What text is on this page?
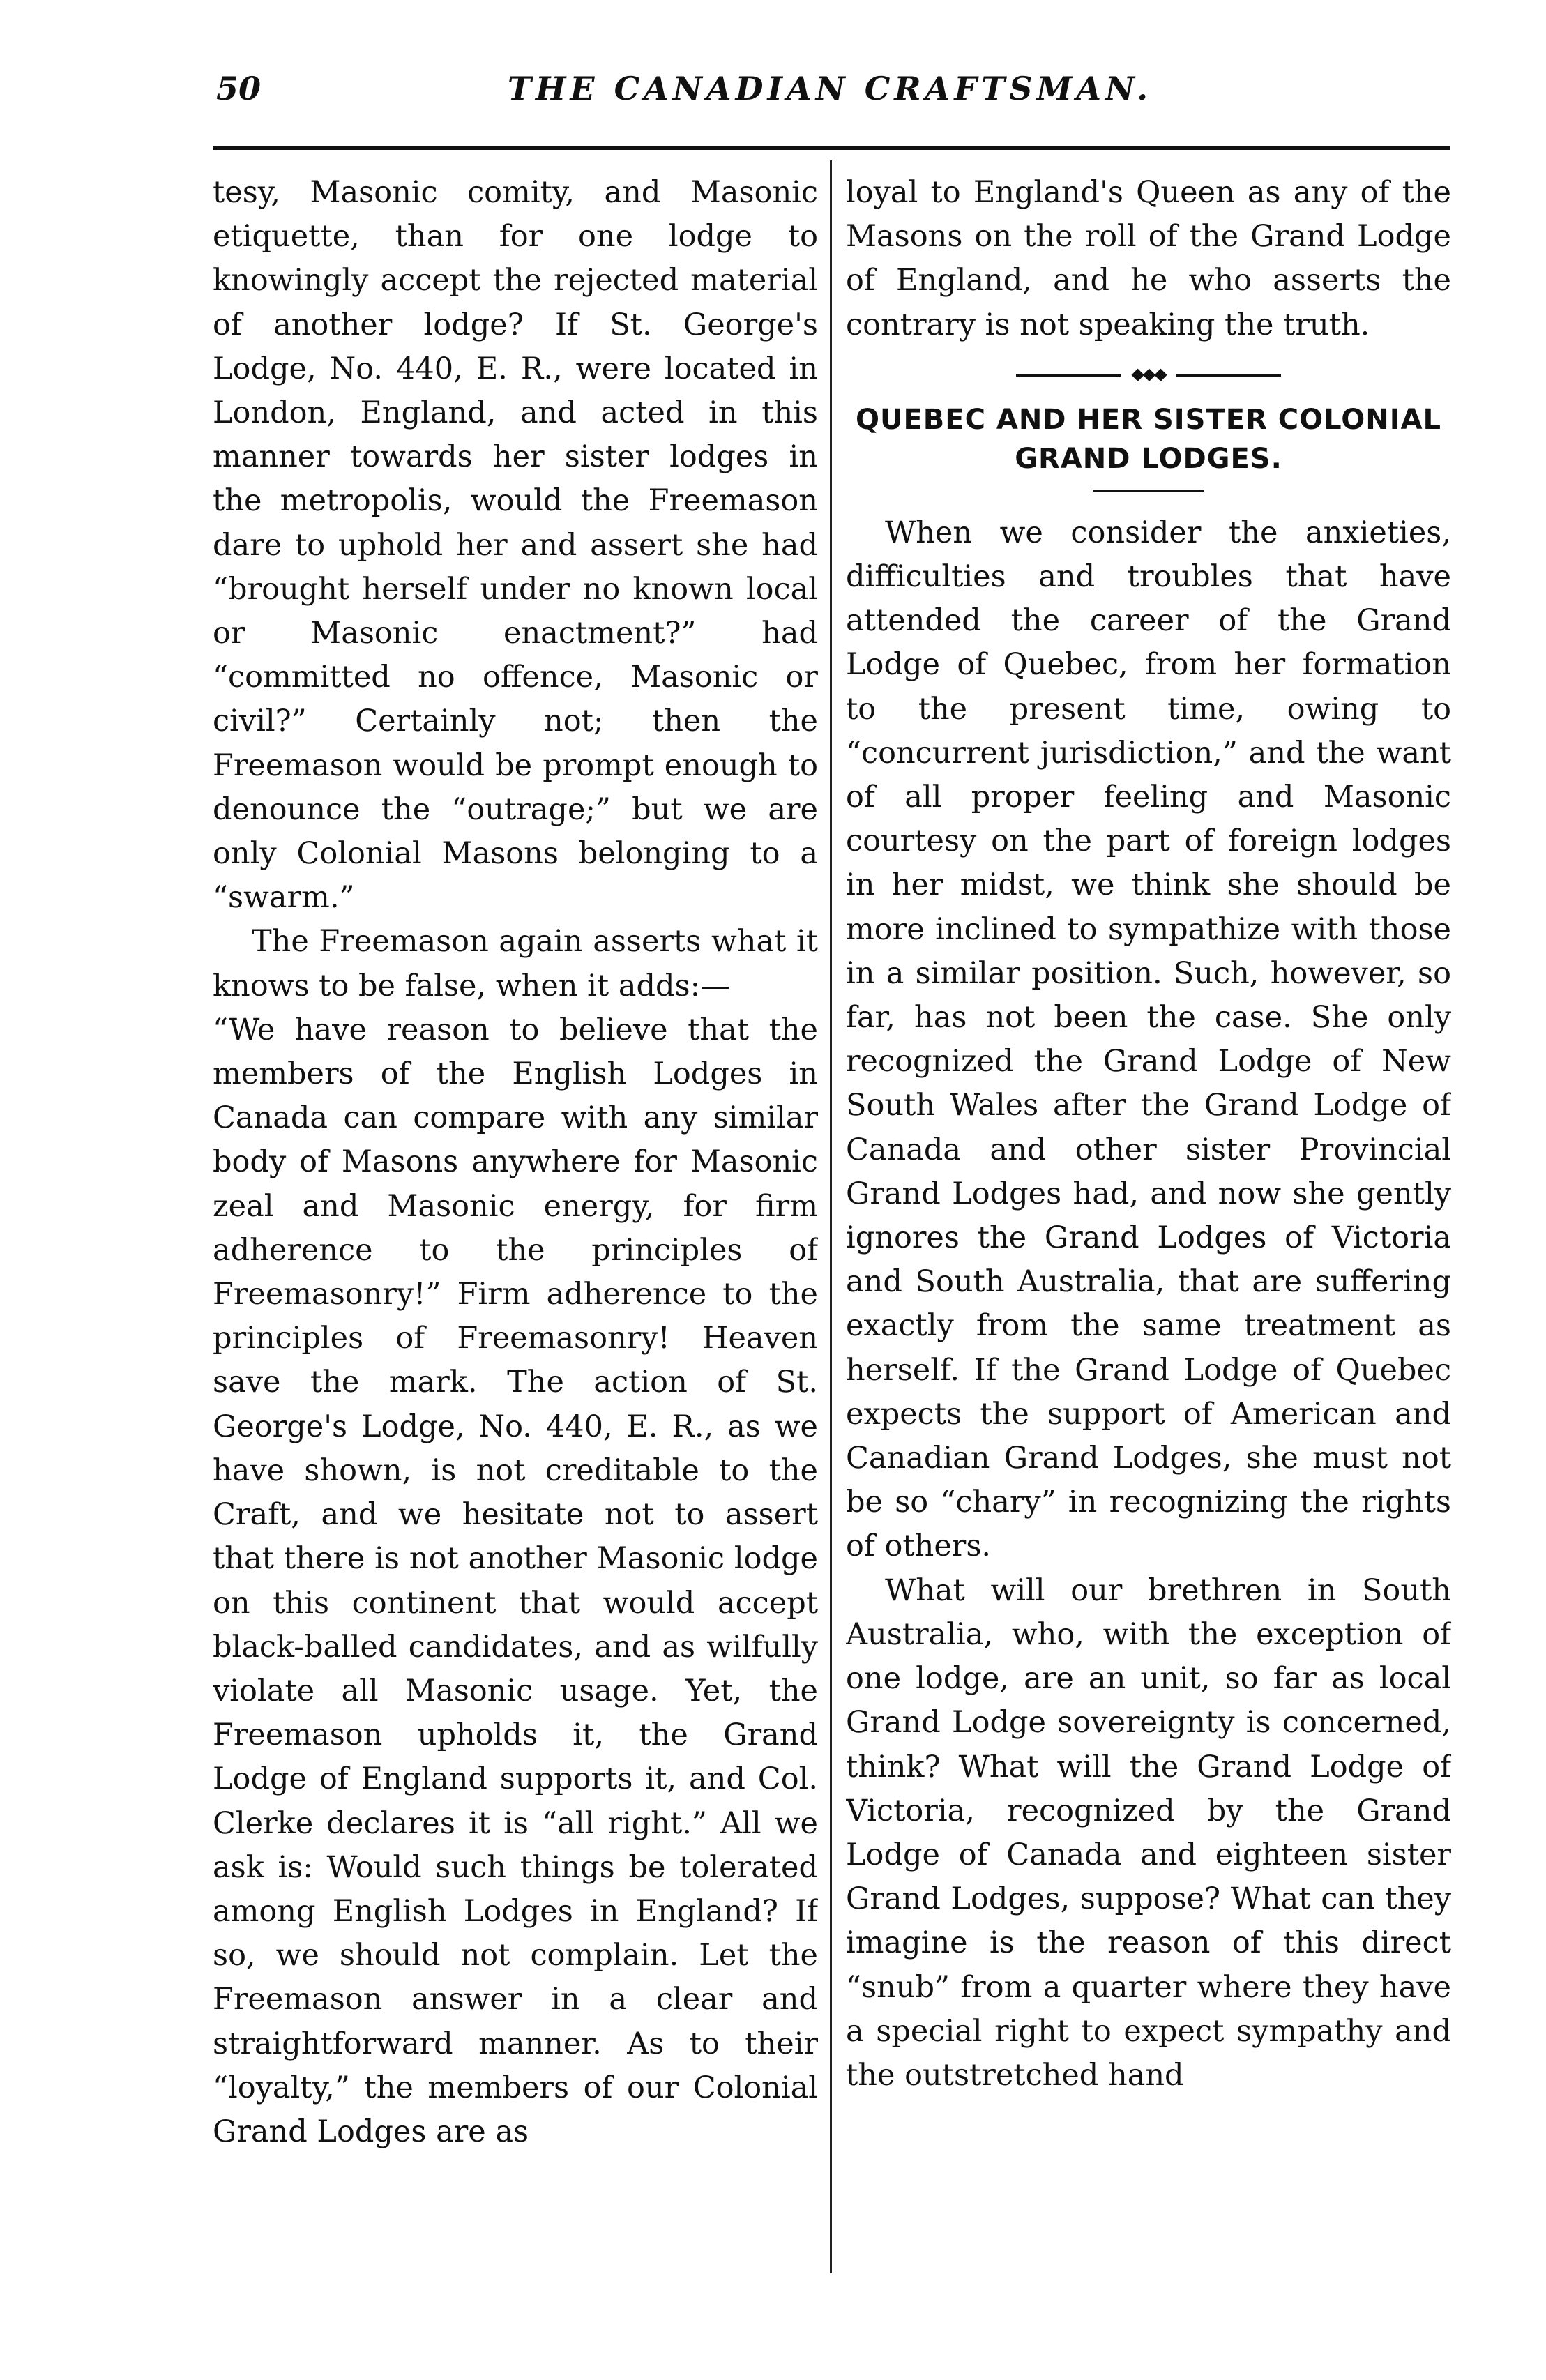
50	THE CANADIAN CRAFTSMAN.

tesy, Masonic comity, and Masonic etiquette, than for one lodge to knowingly accept the rejected material of another lodge? If St. George's Lodge, No. 440, E. R., were located in London, England, and acted in this manner towards her sister lodges in the metropolis, would the Freemason dare to uphold her and assert she had “brought herself under no known local or Masonic enactment?” had “committed no offence, Masonic or civil?” Certainly not; then the Freemason would be prompt enough to denounce the “outrage;” but we are only Colonial Masons belonging to a “swarm.”

The Freemason again asserts what it knows to be false, when it adds:—

“We have reason to believe that the members of the English Lodges in Canada can compare with any similar body of Masons anywhere for Masonic zeal and Masonic energy, for firm adherence to the principles of Freemasonry!” Firm adherence to the principles of Freemasonry! Heaven save the mark. The action of St. George's Lodge, No. 440, E. R., as we have shown, is not creditable to the Craft, and we hesitate not to assert that there is not another Masonic lodge on this continent that would accept black-balled candidates, and as wilfully violate all Masonic usage. Yet, the Freemason upholds it, the Grand Lodge of England supports it, and Col. Clerke declares it is “all right.” All we ask is: Would such things be tolerated among English Lodges in England? If so, we should not complain. Let the Freemason answer in a clear and straightforward manner. As to their “loyalty,” the members of our Colonial Grand Lodges are as

loyal to England's Queen as any of the Masons on the roll of the Grand Lodge of England, and he who asserts the contrary is not speaking the truth.

◆◆◆
QUEBEC AND HER SISTER COLONIAL GRAND LODGES.

When we consider the anxieties, difficulties and troubles that have attended the career of the Grand Lodge of Quebec, from her formation to the present time, owing to “concurrent jurisdiction,” and the want of all proper feeling and Masonic courtesy on the part of foreign lodges in her midst, we think she should be more inclined to sympathize with those in a similar position. Such, however, so far, has not been the case. She only recognized the Grand Lodge of New South Wales after the Grand Lodge of Canada and other sister Provincial Grand Lodges had, and now she gently ignores the Grand Lodges of Victoria and South Australia, that are suffering exactly from the same treatment as herself. If the Grand Lodge of Quebec expects the support of American and Canadian Grand Lodges, she must not be so “chary” in recognizing the rights of others.

What will our brethren in South Australia, who, with the exception of one lodge, are an unit, so far as local Grand Lodge sovereignty is concerned, think? What will the Grand Lodge of Victoria, recognized by the Grand Lodge of Canada and eighteen sister Grand Lodges, suppose? What can they imagine is the reason of this direct “snub” from a quarter where they have a special right to expect sympathy and the outstretched hand
